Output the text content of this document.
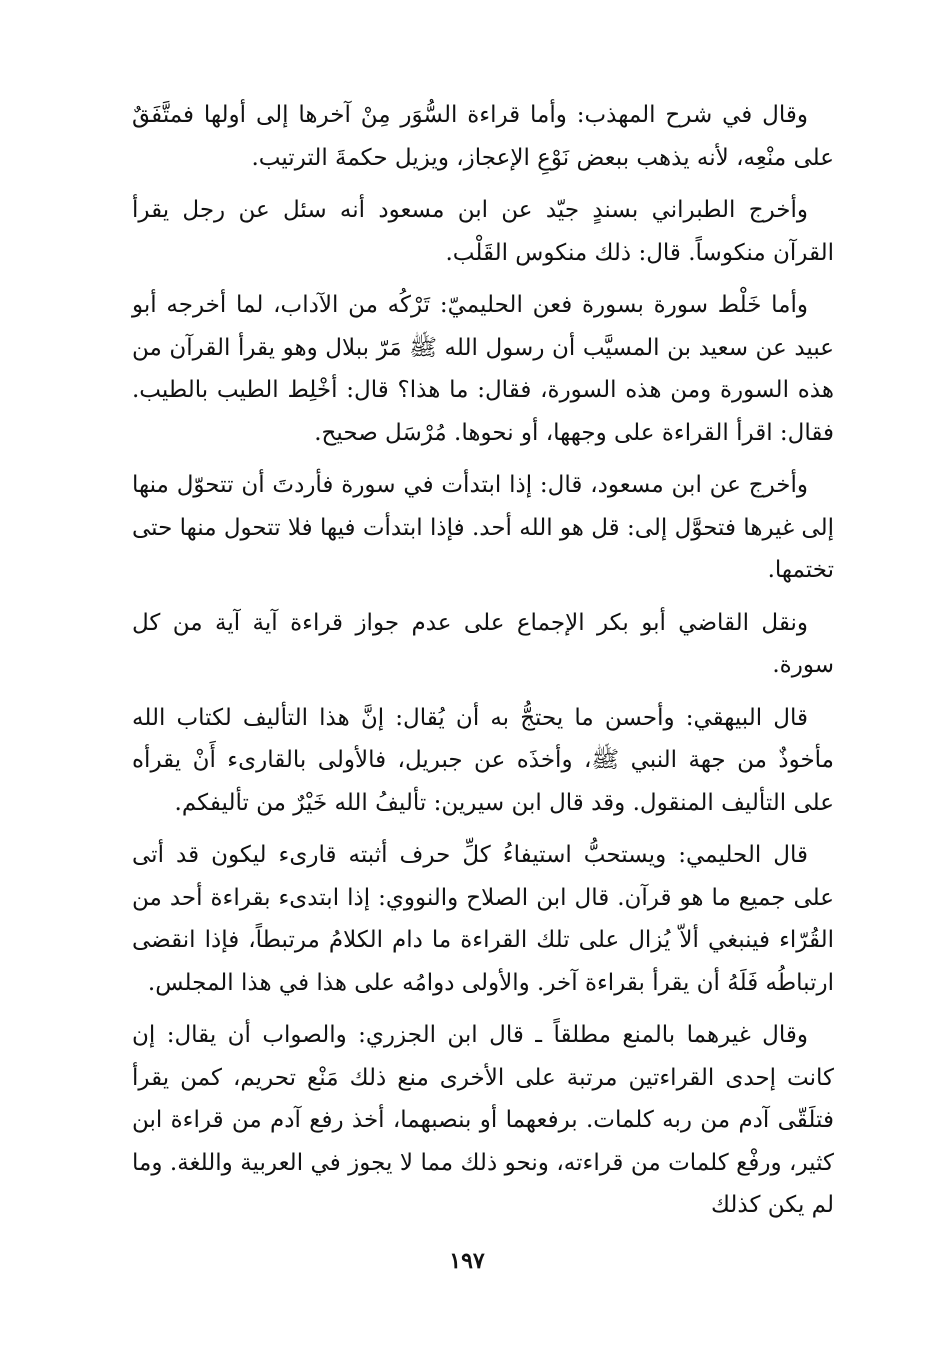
وقال في شرح المهذب: وأما قراءة السُّوَر مِنْ آخرها إلى أولها فمتَّفَقٌ على منْعِه، لأنه يذهب ببعض نَوْعِ الإعجاز، ويزيل حكمةَ الترتيب.

وأخرج الطبراني بسندٍ جيّد عن ابن مسعود أنه سئل عن رجل يقرأ القرآن منكوساً. قال: ذلك منكوس القَلْب.

وأما خَلْط سورة بسورة فعن الحليميّ: تَرْكُه من الآداب، لما أخرجه أبو عبيد عن سعيد بن المسيَّب أن رسول الله ﷺ مَرّ ببلال وهو يقرأ القرآن من هذه السورة ومن هذه السورة، فقال: ما هذا؟ قال: أخْلِط الطيب بالطيب. فقال: اقرأ القراءة على وجهها، أو نحوها. مُرْسَل صحيح.

وأخرج عن ابن مسعود، قال: إذا ابتدأت في سورة فأردتَ أن تتحوّل منها إلى غيرها فتحوَّل إلى: قل هو الله أحد. فإذا ابتدأت فيها فلا تتحول منها حتى تختمها.

ونقل القاضي أبو بكر الإجماع على عدم جواز قراءة آية آية من كل سورة.

قال البيهقي: وأحسن ما يحتجُّ به أن يُقال: إنَّ هذا التأليف لكتاب الله مأخوذٌ من جهة النبي ﷺ، وأخذَه عن جبريل، فالأولى بالقارىء أَنْ يقرأه على التأليف المنقول. وقد قال ابن سيرين: تأليفُ الله خَيْرٌ من تأليفكم.

قال الحليمي: ويستحبُّ استيفاءُ كلِّ حرف أثبته قارىء ليكون قد أتى على جميع ما هو قرآن. قال ابن الصلاح والنووي: إذا ابتدىء بقراءة أحد من القُرّاء فينبغي ألاّ يُزال على تلك القراءة ما دام الكلامُ مرتبطاً، فإذا انقضى ارتباطُه فَلَهُ أن يقرأ بقراءة آخر. والأولى دوامُه على هذا في هذا المجلس.

وقال غيرهما بالمنع مطلقاً ـ قال ابن الجزري: والصواب أن يقال: إن كانت إحدى القراءتين مرتبة على الأخرى منع ذلك مَنْع تحريم، كمن يقرأ فتلَقّى آدم من ربه كلمات. برفعهما أو بنصبهما، أخذ رفع آدم من قراءة ابن كثير، ورفْع كلمات من قراءته، ونحو ذلك مما لا يجوز في العربية واللغة. وما لم يكن كذلك

١٩٧
